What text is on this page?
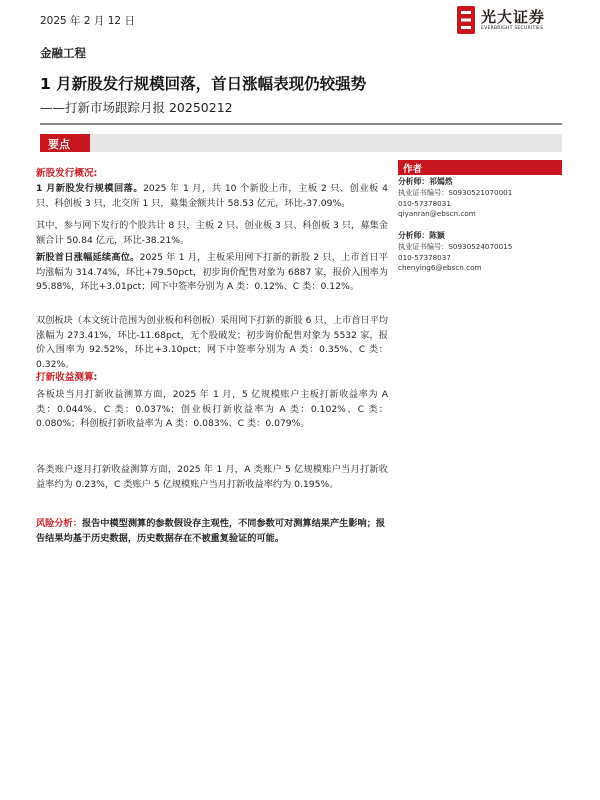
2025 年 2 月 12 日	光大证券
EVERBRIGHT SECURITIES
金融工程
1 月新股发行规模回落，首日涨幅表现仍较强势
——打新市场跟踪月报 20250212
要点
新股发行概况:

1 月新股发行规模回落。2025 年 1 月，共 10 个新股上市，主板 2 只、创业板 4 只、科创板 3 只，北交所 1 只，募集金额共计 58.53 亿元，环比-37.09%。

其中，参与网下发行的个股共计 8 只，主板 2 只、创业板 3 只、科创板 3 只，募集金额合计 50.84 亿元，环比-38.21%。

新股首日涨幅延续高位。2025 年 1 月，主板采用网下打新的新股 2 只，上市首日平均涨幅为 314.74%，环比+79.50pct，初步询价配售对象为 6887 家，报价入围率为 95.88%，环比+3.01pct；网下中签率分别为 A 类：0.12%、C 类：0.12%。

双创板块（本文统计范围为创业板和科创板）采用网下打新的新股 6 只，上市首日平均涨幅为 273.41%，环比-11.68pct，无个股破发；初步询价配售对象为 5532 家，报价入围率为 92.52%，环比+3.10pct；网下中签率分别为 A 类：0.35%、C 类：0.32%。

打新收益测算:

各板块当月打新收益测算方面，2025 年 1 月，5 亿规模账户主板打新收益率为 A 类：0.044%、C 类：0.037%；创业板打新收益率为 A 类：0.102%、C 类：0.080%；科创板打新收益率为 A 类：0.083%、C 类：0.079%。

各类账户逐月打新收益测算方面，2025 年 1 月，A 类账户 5 亿规模账户当月打新收益率约为 0.23%，C 类账户 5 亿规模账户当月打新收益率约为 0.195%。

风险分析：报告中模型测算的参数假设存主观性，不同参数可对测算结果产生影响；报告结果均基于历史数据，历史数据存在不被重复验证的可能。
作者
分析师：祁嫣然
执业证书编号：S0930521070001
010-57378031
qiyanran@ebscn.com
分析师：陈颖
执业证书编号：S0930524070015
010-57378037
chenying6@ebscn.com
